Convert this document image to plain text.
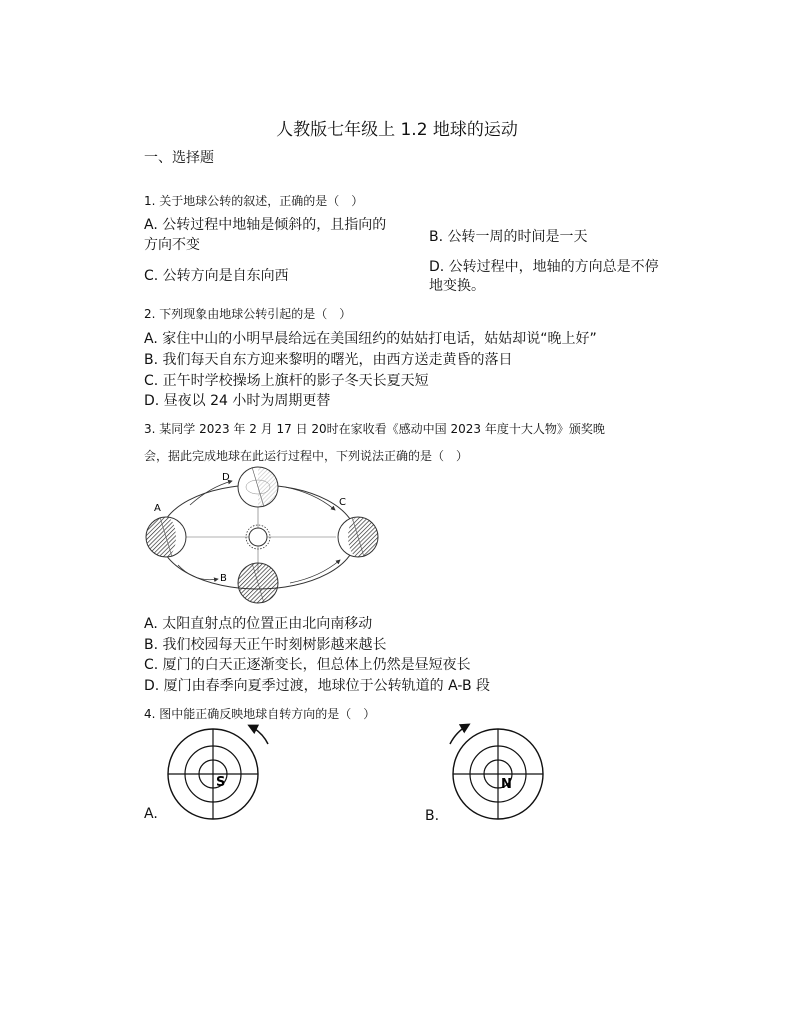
人教版七年级上 1.2 地球的运动
一、选择题
1. 关于地球公转的叙述，正确的是（　）
A. 公转过程中地轴是倾斜的，且指向的
方向不变	B. 公转一周的时间是一天
C. 公转方向是自东向西
D. 公转过程中，地轴的方向总是不停
地变换。
2. 下列现象由地球公转引起的是（　）
A. 家住中山的小明早晨给远在美国纽约的姑姑打电话，姑姑却说“晚上好”
B. 我们每天自东方迎来黎明的曙光，由西方送走黄昏的落日
C. 正午时学校操场上旗杆的影子冬天长夏天短
D. 昼夜以 24 小时为周期更替
3. 某同学 2023 年 2 月 17 日 20时在家收看《感动中国 2023 年度十大人物》颁奖晚
会，据此完成地球在此运行过程中，下列说法正确的是（　）
D
A
C
B
A. 太阳直射点的位置正由北向南移动
B. 我们校园每天正午时刻树影越来越长
C. 厦门的白天正逐渐变长，但总体上仍然是昼短夜长
D. 厦门由春季向夏季过渡，地球位于公转轨道的 A-B 段
4. 图中能正确反映地球自转方向的是（　）
S
A.
N
B.
